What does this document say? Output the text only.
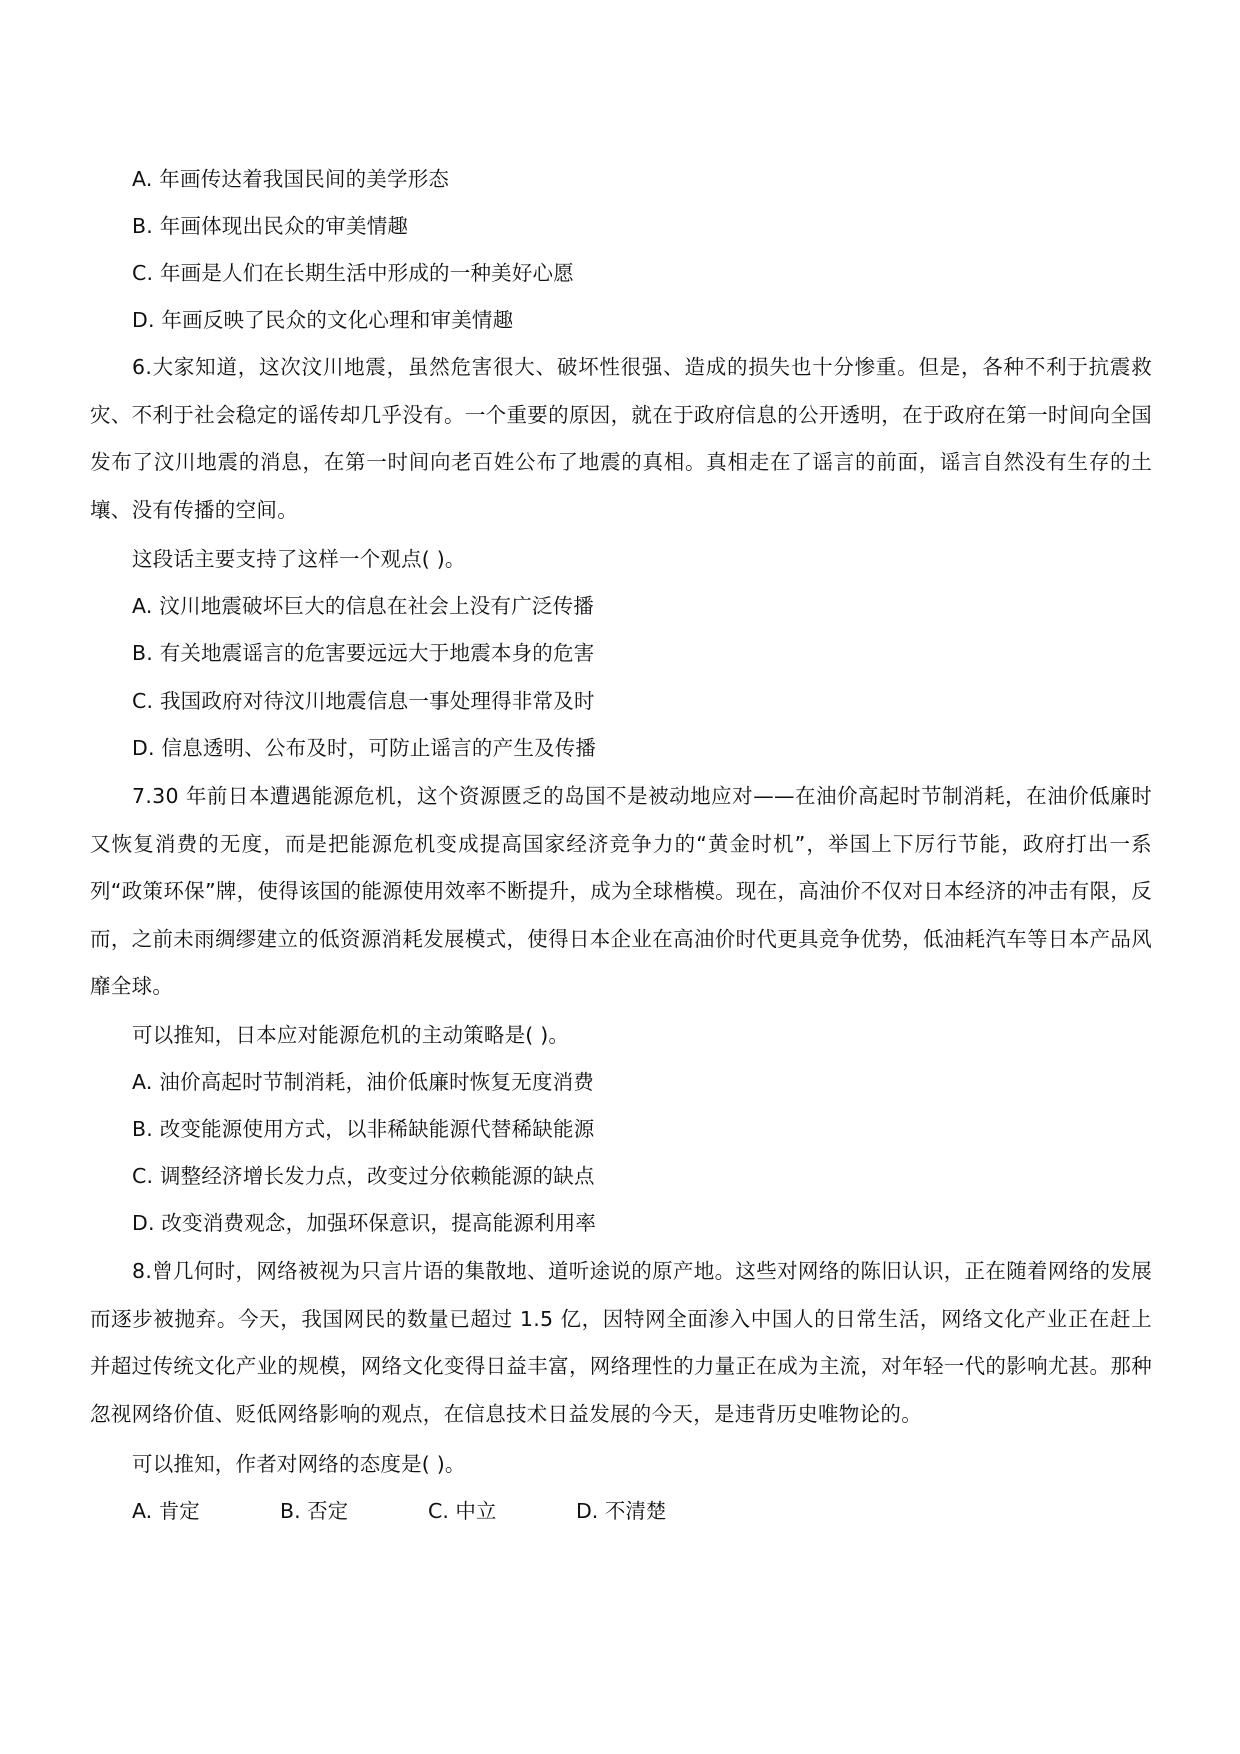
A. 年画传达着我国民间的美学形态
B. 年画体现出民众的审美情趣
C. 年画是人们在长期生活中形成的一种美好心愿
D. 年画反映了民众的文化心理和审美情趣
6.大家知道，这次汶川地震，虽然危害很大、破坏性很强、造成的损失也十分惨重。但是，各种不利于抗震救灾、不利于社会稳定的谣传却几乎没有。一个重要的原因，就在于政府信息的公开透明，在于政府在第一时间向全国发布了汶川地震的消息，在第一时间向老百姓公布了地震的真相。真相走在了谣言的前面，谣言自然没有生存的土壤、没有传播的空间。
这段话主要支持了这样一个观点( )。
A. 汶川地震破坏巨大的信息在社会上没有广泛传播
B. 有关地震谣言的危害要远远大于地震本身的危害
C. 我国政府对待汶川地震信息一事处理得非常及时
D. 信息透明、公布及时，可防止谣言的产生及传播
7.30 年前日本遭遇能源危机，这个资源匮乏的岛国不是被动地应对——在油价高起时节制消耗，在油价低廉时又恢复消费的无度，而是把能源危机变成提高国家经济竞争力的“黄金时机”，举国上下厉行节能，政府打出一系列“政策环保”牌，使得该国的能源使用效率不断提升，成为全球楷模。现在，高油价不仅对日本经济的冲击有限，反而，之前未雨绸缪建立的低资源消耗发展模式，使得日本企业在高油价时代更具竞争优势，低油耗汽车等日本产品风靡全球。
可以推知，日本应对能源危机的主动策略是( )。
A. 油价高起时节制消耗，油价低廉时恢复无度消费
B. 改变能源使用方式，以非稀缺能源代替稀缺能源
C. 调整经济增长发力点，改变过分依赖能源的缺点
D. 改变消费观念，加强环保意识，提高能源利用率
8.曾几何时，网络被视为只言片语的集散地、道听途说的原产地。这些对网络的陈旧认识，正在随着网络的发展而逐步被抛弃。今天，我国网民的数量已超过 1.5 亿，因特网全面渗入中国人的日常生活，网络文化产业正在赶上并超过传统文化产业的规模，网络文化变得日益丰富，网络理性的力量正在成为主流，对年轻一代的影响尤甚。那种忽视网络价值、贬低网络影响的观点，在信息技术日益发展的今天，是违背历史唯物论的。
可以推知，作者对网络的态度是( )。
A. 肯定	B. 否定	C. 中立	D. 不清楚
